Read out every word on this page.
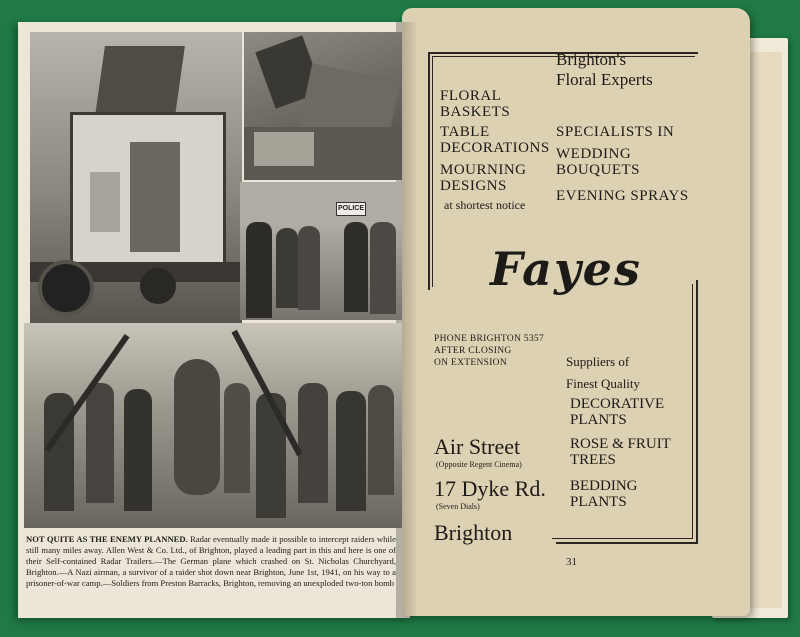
POLICE
NOT QUITE AS THE ENEMY PLANNED. Radar eventually made it possible to intercept raiders while still many miles away. Allen West & Co. Ltd., of Brighton, played a leading part in this and here is one of their Self-contained Radar Trailers.—The German plane which crashed on St. Nicholas Churchyard, Brighton.—A Nazi airman, a survivor of a raider shot down near Brighton, June 1st, 1941, on his way to a prisoner-of-war camp.—Soldiers from Preston Barracks, Brighton, removing an unexploded two-ton bomb
Brighton's
Floral Experts
FLORAL
BASKETS
TABLE
DECORATIONS
MOURNING
DESIGNS
at shortest notice
SPECIALISTS IN
WEDDING
BOUQUETS
EVENING SPRAYS
Fayes
PHONE BRIGHTON 5357
AFTER CLOSING
ON EXTENSION	Suppliers of
Finest Quality
DECORATIVE
PLANTS
ROSE & FRUIT
TREES
BEDDING
PLANTS
Air Street
(Opposite Regent Cinema)
17 Dyke Rd.
(Seven Dials)
Brighton
31
